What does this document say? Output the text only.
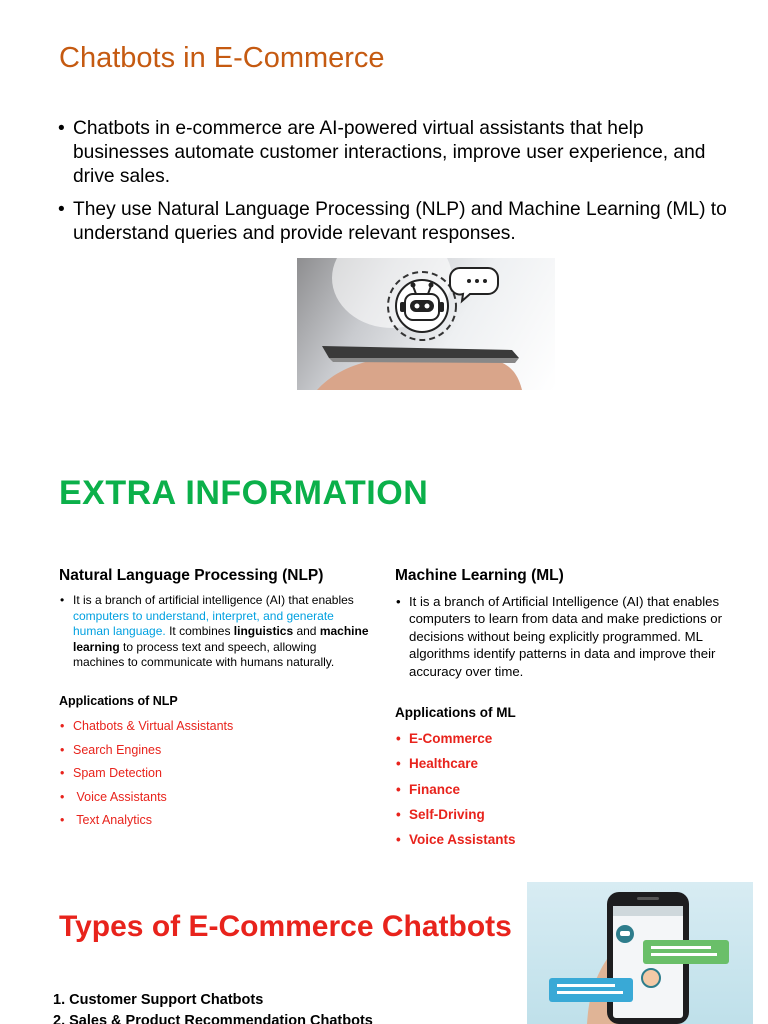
Chatbots in E-Commerce
• Chatbots in e-commerce are AI-powered virtual assistants that help businesses automate customer interactions, improve user experience, and drive sales.
• They use Natural Language Processing (NLP) and Machine Learning (ML) to understand queries and provide relevant responses.
EXTRA INFORMATION
Natural Language Processing (NLP)

• It is a branch of artificial intelligence (AI) that enables computers to understand, interpret, and generate human language. It combines linguistics and machine learning to process text and speech, allowing machines to communicate with humans naturally.

Applications of NLP
• Chatbots & Virtual Assistants
• Search Engines
• Spam Detection
•  Voice Assistants
•  Text Analytics
Machine Learning (ML)

• It is a branch of Artificial Intelligence (AI) that enables computers to learn from data and make predictions or decisions without being explicitly programmed. ML algorithms identify patterns in data and improve their accuracy over time.

Applications of ML
• E-Commerce
• Healthcare
• Finance
• Self-Driving
• Voice Assistants
Types of E-Commerce Chatbots
1. Customer Support Chatbots
2. Sales & Product Recommendation Chatbots
